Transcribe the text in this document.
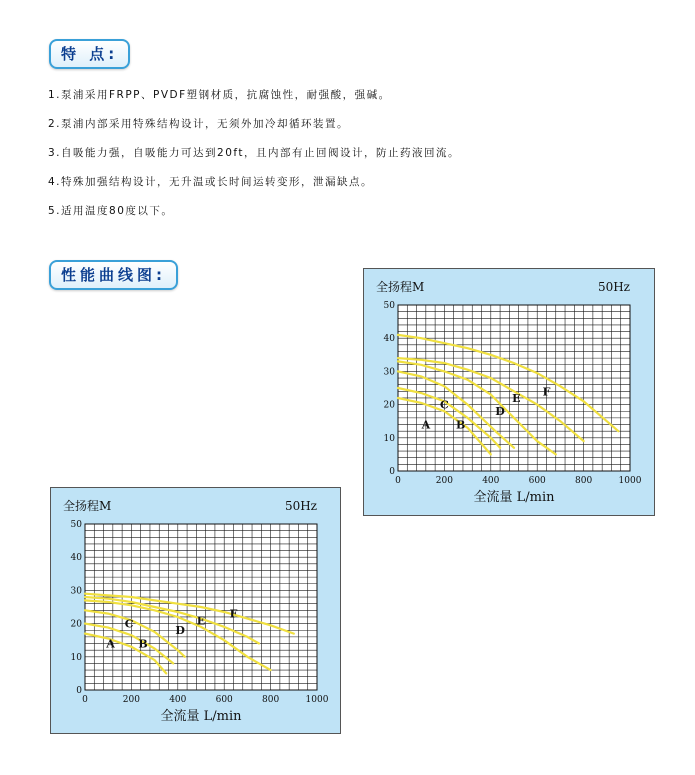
特 点:
1.泵浦采用FRPP、PVDF塑钢材质，抗腐蚀性，耐强酸，强碱。
2.泵浦内部采用特殊结构设计，无须外加冷却循环装置。
3.自吸能力强，自吸能力可达到20ft，且内部有止回阀设计，防止药液回流。
4.特殊加强结构设计，无升温或长时间运转变形，泄漏缺点。
5.适用温度80度以下。
性能曲线图:
0	200	400	600	800	1000
0
10
20
30
40
50
全扬程M	50Hz
全流量 L/min
A B
C
D
E
F
0	200	400	600	800	1000
0
10
20
30
40
50
全扬程M	50Hz
全流量 L/min
A B
C
D
E
F
